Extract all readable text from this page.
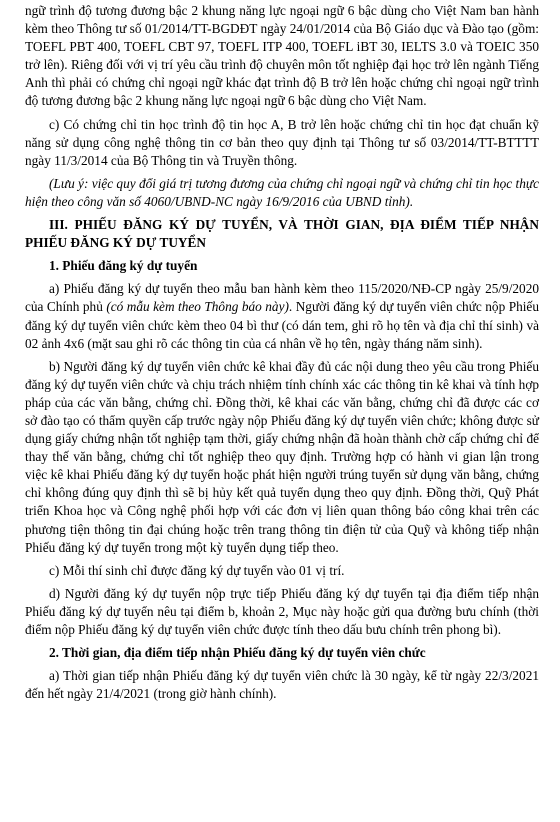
ngữ trình độ tương đương bậc 2 khung năng lực ngoại ngữ 6 bậc dùng cho Việt Nam ban hành kèm theo Thông tư số 01/2014/TT-BGDĐT ngày 24/01/2014 của Bộ Giáo dục và Đào tạo (gồm: TOEFL PBT 400, TOEFL CBT 97, TOEFL ITP 400, TOEFL iBT 30, IELTS 3.0 và TOEIC 350 trở lên). Riêng đối với vị trí yêu cầu trình độ chuyên môn tốt nghiệp đại học trở lên ngành Tiếng Anh thì phải có chứng chỉ ngoại ngữ khác đạt trình độ B trở lên hoặc chứng chỉ ngoại ngữ trình độ tương đương bậc 2 khung năng lực ngoại ngữ 6 bậc dùng cho Việt Nam.

c) Có chứng chỉ tin học trình độ tin học A, B trở lên hoặc chứng chỉ tin học đạt chuẩn kỹ năng sử dụng công nghệ thông tin cơ bản theo quy định tại Thông tư số 03/2014/TT-BTTTT ngày 11/3/2014 của Bộ Thông tin và Truyền thông.

(Lưu ý: việc quy đổi giá trị tương đương của chứng chỉ ngoại ngữ và chứng chỉ tin học thực hiện theo công văn số 4060/UBND-NC ngày 16/9/2016 của UBND tỉnh).

III. PHIẾU ĐĂNG KÝ DỰ TUYỂN, VÀ THỜI GIAN, ĐỊA ĐIỂM TIẾP NHẬN PHIẾU ĐĂNG KÝ DỰ TUYỂN

1. Phiếu đăng ký dự tuyển

a) Phiếu đăng ký dự tuyển theo mẫu ban hành kèm theo 115/2020/NĐ-CP ngày 25/9/2020 của Chính phủ (có mẫu kèm theo Thông báo này). Người đăng ký dự tuyển viên chức nộp Phiếu đăng ký dự tuyển viên chức kèm theo 04 bì thư (có dán tem, ghi rõ họ tên và địa chỉ thí sinh) và 02 ảnh 4x6 (mặt sau ghi rõ các thông tin của cá nhân về họ tên, ngày tháng năm sinh).

b) Người đăng ký dự tuyển viên chức kê khai đầy đủ các nội dung theo yêu cầu trong Phiếu đăng ký dự tuyển viên chức và chịu trách nhiệm tính chính xác các thông tin kê khai và tính hợp pháp của các văn bằng, chứng chỉ. Đồng thời, kê khai các văn bằng, chứng chỉ đã được các cơ sở đào tạo có thẩm quyền cấp trước ngày nộp Phiếu đăng ký dự tuyển viên chức; không được sử dụng giấy chứng nhận tốt nghiệp tạm thời, giấy chứng nhận đã hoàn thành chờ cấp chứng chỉ để thay thế văn bằng, chứng chỉ tốt nghiệp theo quy định. Trường hợp có hành vi gian lận trong việc kê khai Phiếu đăng ký dự tuyển hoặc phát hiện người trúng tuyển sử dụng văn bằng, chứng chỉ không đúng quy định thì sẽ bị hủy kết quả tuyển dụng theo quy định. Đồng thời, Quỹ Phát triển Khoa học và Công nghệ phối hợp với các đơn vị liên quan thông báo công khai trên các phương tiện thông tin đại chúng hoặc trên trang thông tin điện tử của Quỹ và không tiếp nhận Phiếu đăng ký dự tuyển trong một kỳ tuyển dụng tiếp theo.

c) Mỗi thí sinh chỉ được đăng ký dự tuyển vào 01 vị trí.

d) Người đăng ký dự tuyển nộp trực tiếp Phiếu đăng ký dự tuyển tại địa điểm tiếp nhận Phiếu đăng ký dự tuyển nêu tại điểm b, khoản 2, Mục này hoặc gửi qua đường bưu chính (thời điểm nộp Phiếu đăng ký dự tuyển viên chức được tính theo dấu bưu chính trên phong bì).

2. Thời gian, địa điểm tiếp nhận Phiếu đăng ký dự tuyển viên chức

a) Thời gian tiếp nhận Phiếu đăng ký dự tuyển viên chức là 30 ngày, kể từ ngày 22/3/2021 đến hết ngày 21/4/2021 (trong giờ hành chính).
